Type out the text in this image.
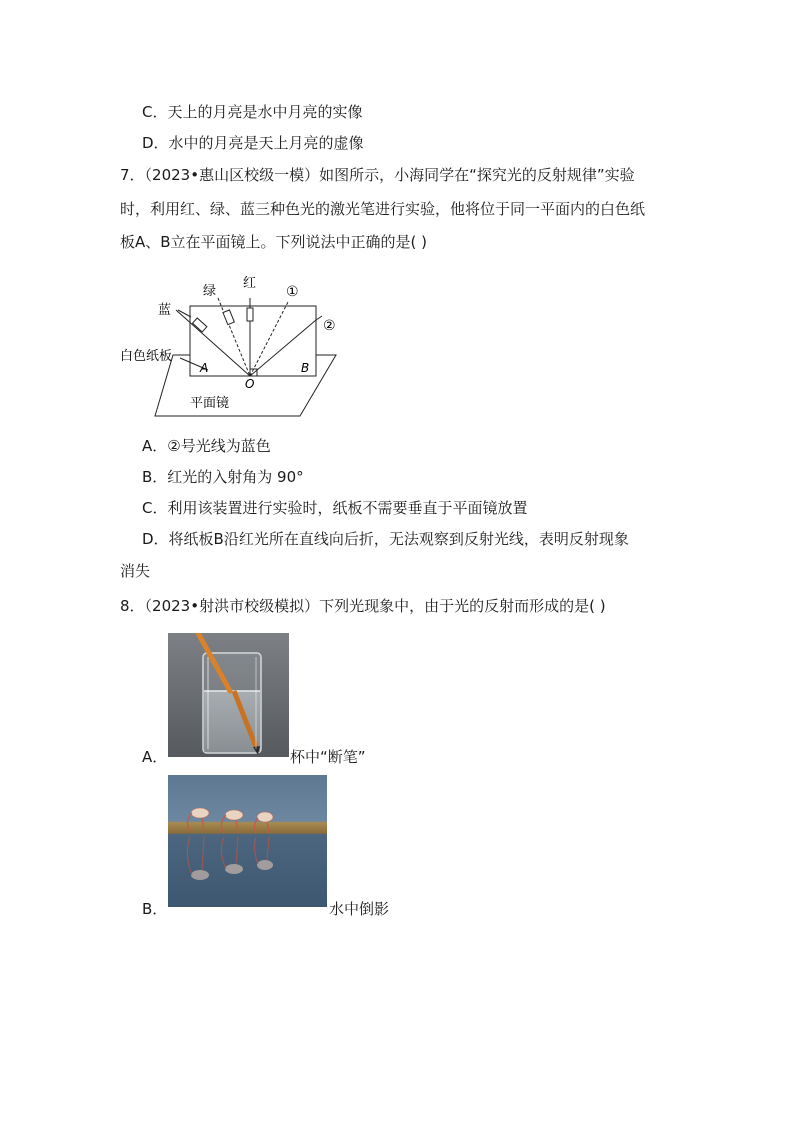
C．天上的月亮是水中月亮的实像
D．水中的月亮是天上月亮的虚像
7．（2023•惠山区校级一模）如图所示，小海同学在“探究光的反射规律”实验
时，利用红、绿、蓝三种色光的激光笔进行实验，他将位于同一平面内的白色纸
板A、B立在平面镜上。下列说法中正确的是( )
红
绿
蓝
①
②
白色纸板
A	B
O
平面镜
A．②号光线为蓝色
B．红光的入射角为 90°
C．利用该装置进行实验时，纸板不需要垂直于平面镜放置
D．将纸板B沿红光所在直线向后折，无法观察到反射光线，表明反射现象
消失
8．（2023•射洪市校级模拟）下列光现象中，由于光的反射而形成的是( )
A．	杯中“断笔”
B．	水中倒影
